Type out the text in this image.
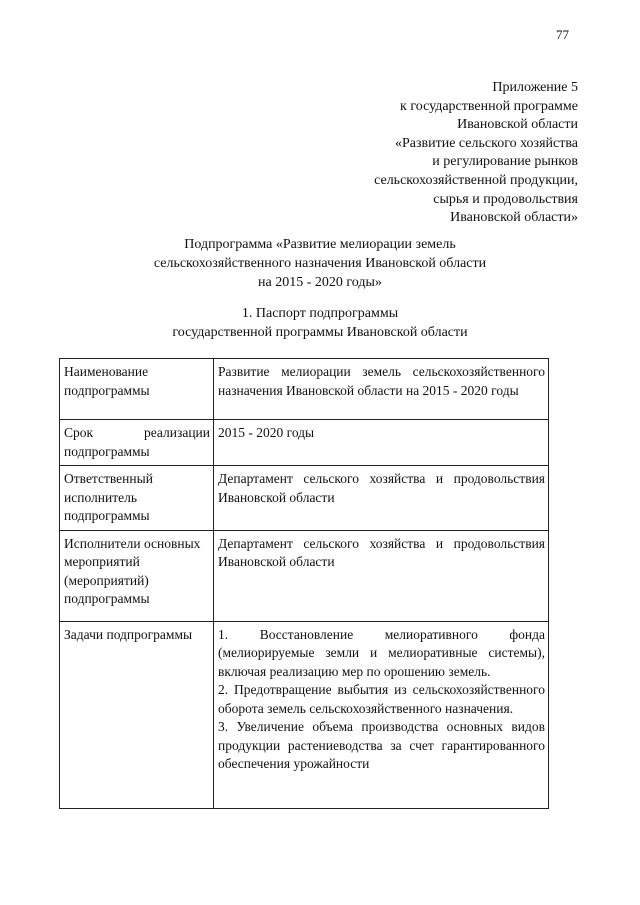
77
Приложение 5
к государственной программе
Ивановской области
«Развитие сельского хозяйства
и регулирование рынков
сельскохозяйственной продукции,
сырья и продовольствия
Ивановской области»
Подпрограмма «Развитие мелиорации земель
сельскохозяйственного назначения Ивановской области
на 2015 - 2020 годы»
1. Паспорт подпрограммы
государственной программы Ивановской области
Наименование подпрограммы	Развитие мелиорации земель сельскохозяйственного назначения Ивановской области на 2015 - 2020 годы
Срок реализации подпрограммы	2015 - 2020 годы
Ответственный исполнитель подпрограммы	Департамент сельского хозяйства и продовольствия Ивановской области
Исполнители основных мероприятий (мероприятий) подпрограммы	Департамент сельского хозяйства и продовольствия Ивановской области
Задачи подпрограммы	1. Восстановление мелиоративного фонда (мелиорируемые земли и мелиоративные системы), включая реализацию мер по орошению земель.
2. Предотвращение выбытия из сельскохозяйственного оборота земель сельскохозяйственного назначения.
3. Увеличение объема производства основных видов продукции растениеводства за счет гарантированного обеспечения урожайности
